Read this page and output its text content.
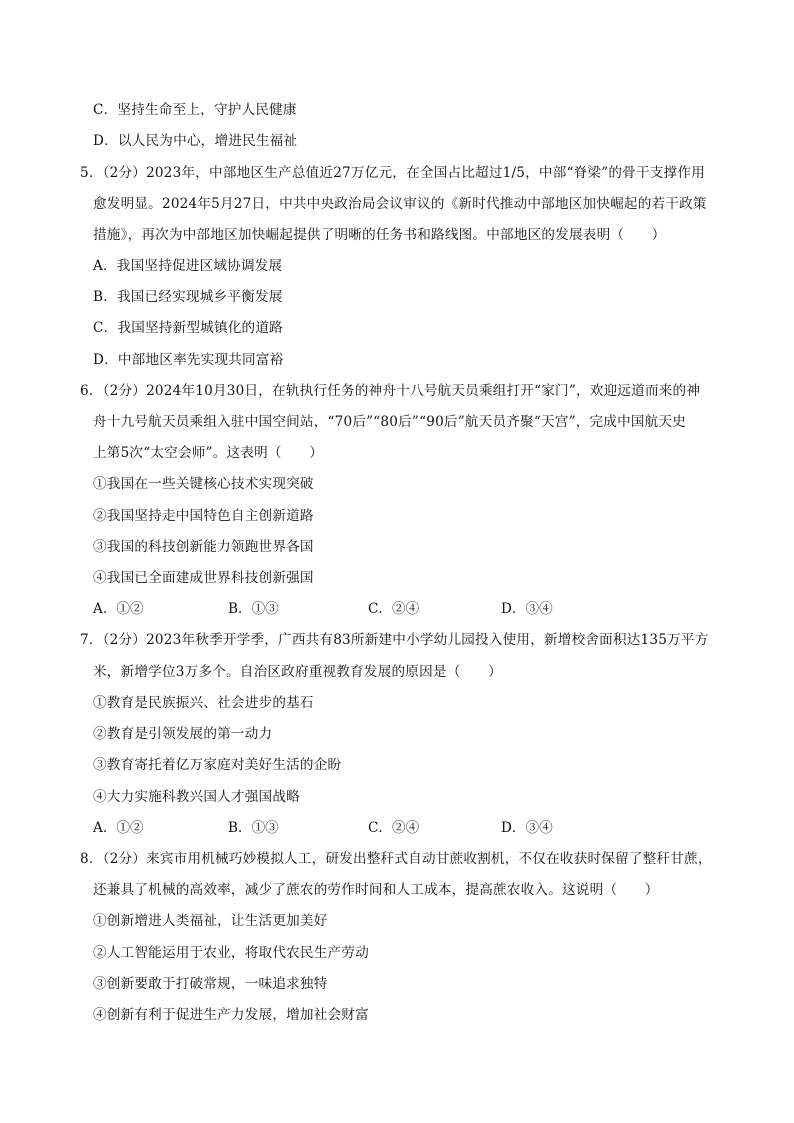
C．坚持生命至上，守护人民健康
D．以人民为中心，增进民生福祉
5．（2分）2023年，中部地区生产总值近27万亿元，在全国占比超过1/5，中部“脊梁”的骨干支撑作用
愈发明显。2024年5月27日，中共中央政治局会议审议的《新时代推动中部地区加快崛起的若干政策
措施》，再次为中部地区加快崛起提供了明晰的任务书和路线图。中部地区的发展表明（　　）
A．我国坚持促进区域协调发展
B．我国已经实现城乡平衡发展
C．我国坚持新型城镇化的道路
D．中部地区率先实现共同富裕
6．（2分）2024年10月30日，在轨执行任务的神舟十八号航天员乘组打开“家门”，欢迎远道而来的神
舟十九号航天员乘组入驻中国空间站，“70后”“80后”“90后”航天员齐聚“天宫”，完成中国航天史
上第5次“太空会师”。这表明（　　）
①我国在一些关键核心技术实现突破
②我国坚持走中国特色自主创新道路
③我国的科技创新能力领跑世界各国
④我国已全面建成世界科技创新强国
A．①②	B．①③	C．②④	D．③④
7．（2分）2023年秋季开学季，广西共有83所新建中小学幼儿园投入使用，新增校舍面积达135万平方
米，新增学位3万多个。自治区政府重视教育发展的原因是（　　）
①教育是民族振兴、社会进步的基石
②教育是引领发展的第一动力
③教育寄托着亿万家庭对美好生活的企盼
④大力实施科教兴国人才强国战略
A．①②	B．①③	C．②④	D．③④
8．（2分）来宾市用机械巧妙模拟人工，研发出整秆式自动甘蔗收割机，不仅在收获时保留了整秆甘蔗，
还兼具了机械的高效率，减少了蔗农的劳作时间和人工成本，提高蔗农收入。这说明（　　）
①创新增进人类福祉，让生活更加美好
②人工智能运用于农业，将取代农民生产劳动
③创新要敢于打破常规，一味追求独特
④创新有利于促进生产力发展，增加社会财富
